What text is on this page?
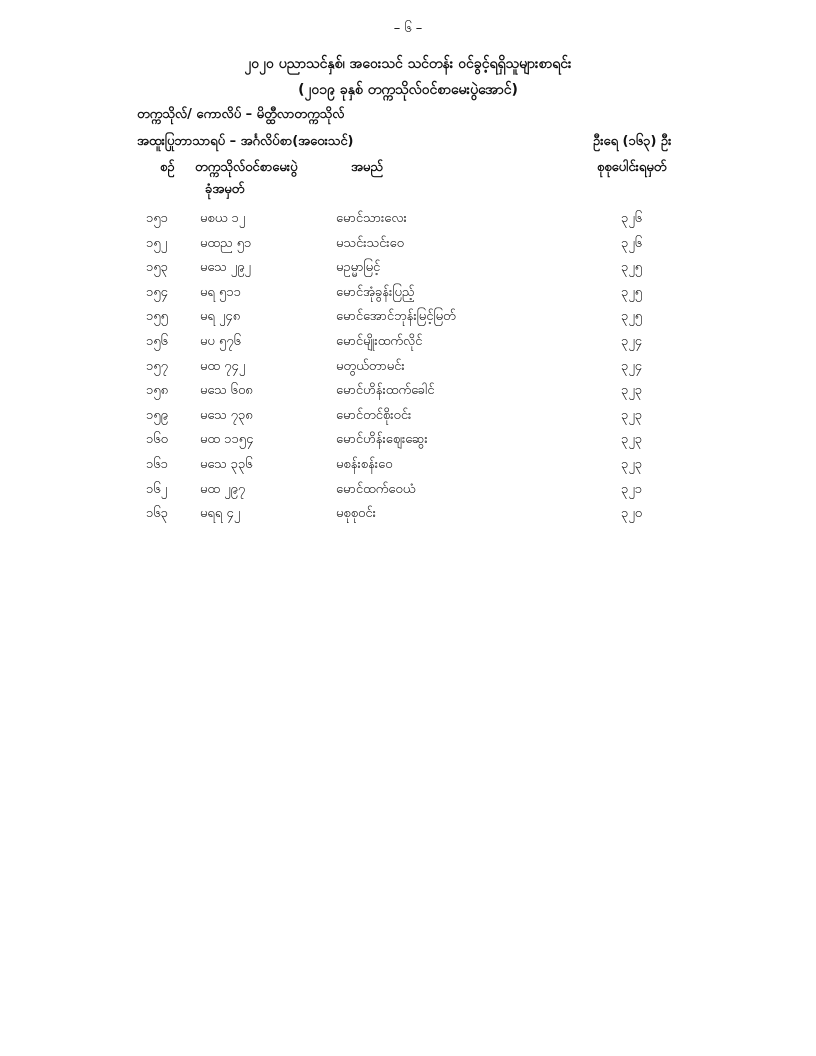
– ၆ –
၂၀၂၀ ပညာသင်နှစ်၊ အဝေးသင် သင်တန်း ဝင်ခွင့်ရရှိသူများစာရင်း
(၂၀၁၉ ခုနှစ် တက္ကသိုလ်ဝင်စာမေးပွဲအောင်)
တက္ကသိုလ်/ ကောလိပ် – မိတ္ထီလာတက္ကသိုလ်
အထူးပြုဘာသာရပ် – အင်္ဂလိပ်စာ(အဝေးသင်)	ဦးရေ (၁၆၃) ဦး
စဉ် တက္ကသိုလ်ဝင်စာမေးပွဲ
ခုံအမှတ်
အမည်	စုစုပေါင်းရမှတ်
၁၅၁ မစယ ၁၂	မောင်သားလေး	၃၂၆
၁၅၂	မထည ၅၁	မသင်းသင်းဝေ	၃၂၆
၁၅၃ မသေ ၂၉၂	မဥမ္မာမြင့်	၃၂၅
၁၅၄ မရ ၅၁၁	မောင်အုံခွန်းပြည့်	၃၂၅
၁၅၅ မရ ၂၄၈	မောင်အောင်ဘုန်းမြင့်မြတ်	၃၂၅
၁၅၆ မပ ၅၇၆	မောင်မျိုးထက်လိုင်	၃၂၄
၁၅၇ မထ ၇၄၂	မတွယ်တာမင်း	၃၂၄
၁၅၈ မသေ ၆၀၈	မောင်ဟိန်းထက်ခေါင်	၃၂၃
၁၅၉ မသေ ၇၃၈	မောင်တင်စိုးဝင်း	၃၂၃
၁၆၀ မထ ၁၁၅၄	မောင်ဟိန်းဈေးဆွေး	၃၂၃
၁၆၁ မသေ ၃၃၆	မစန်းစန်းဝေ	၃၂၃
၁၆၂	မထ ၂၉၇	မောင်ထက်ဝေယံ	၃၂၁
၁၆၃ မရရ ၄၂	မစုစုဝင်း	၃၂၀
